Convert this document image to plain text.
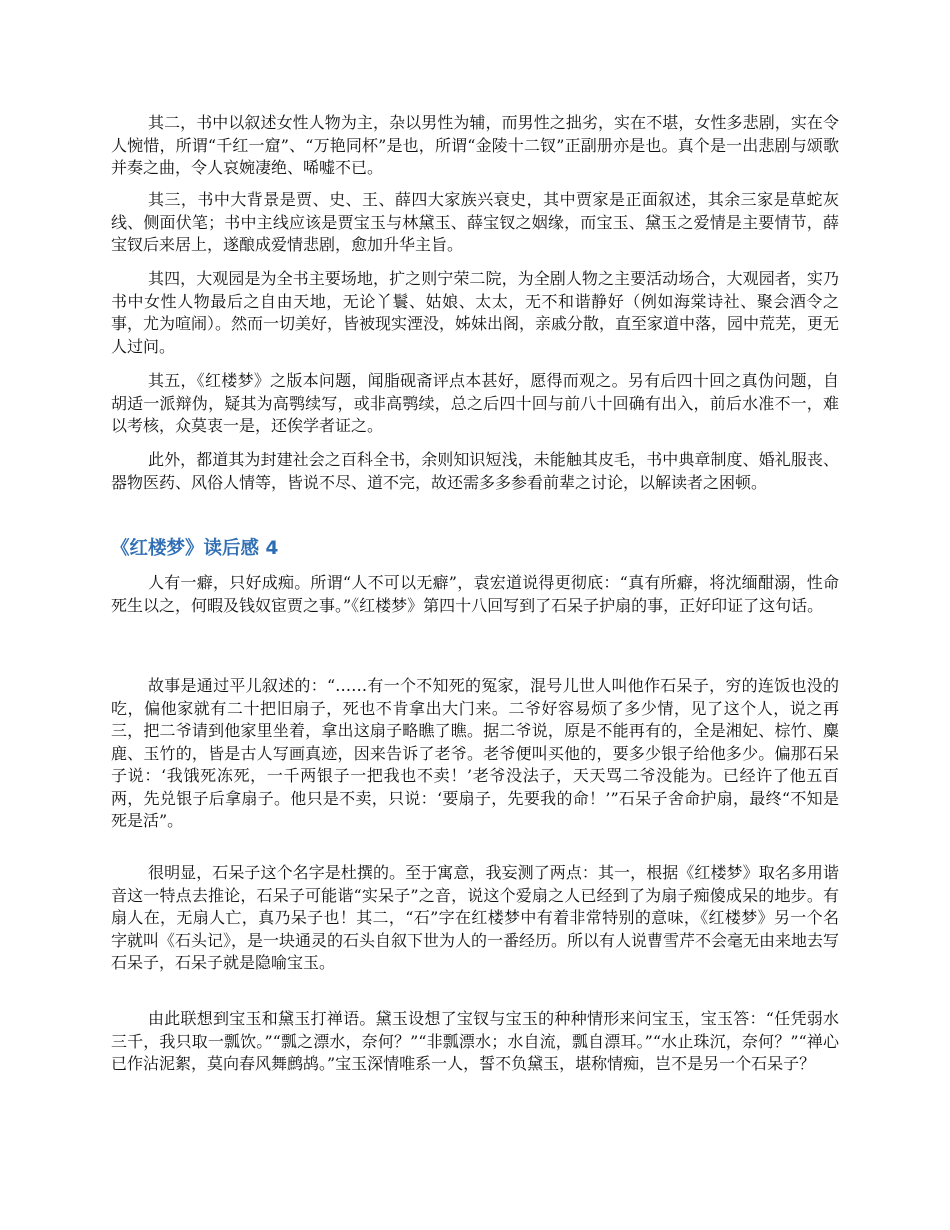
其二，书中以叙述女性人物为主，杂以男性为辅，而男性之拙劣，实在不堪，女性多悲剧，实在令人惋惜，所谓“千红一窟”、“万艳同杯”是也，所谓“金陵十二钗”正副册亦是也。真个是一出悲剧与颂歌并奏之曲，令人哀婉凄绝、唏嘘不已。

其三，书中大背景是贾、史、王、薛四大家族兴衰史，其中贾家是正面叙述，其余三家是草蛇灰线、侧面伏笔；书中主线应该是贾宝玉与林黛玉、薛宝钗之姻缘，而宝玉、黛玉之爱情是主要情节，薛宝钗后来居上，遂酿成爱情悲剧，愈加升华主旨。

其四，大观园是为全书主要场地，扩之则宁荣二院，为全剧人物之主要活动场合，大观园者，实乃书中女性人物最后之自由天地，无论丫鬟、姑娘、太太，无不和谐静好（例如海棠诗社、聚会酒令之事，尤为喧闹）。然而一切美好，皆被现实湮没，姊妹出阁，亲戚分散，直至家道中落，园中荒芜，更无人过问。

其五，《红楼梦》之版本问题，闻脂砚斋评点本甚好，愿得而观之。另有后四十回之真伪问题，自胡适一派辩伪，疑其为高鹗续写，或非高鹗续，总之后四十回与前八十回确有出入，前后水准不一，难以考核，众莫衷一是，还俟学者证之。

此外，都道其为封建社会之百科全书，余则知识短浅，未能触其皮毛，书中典章制度、婚礼服丧、器物医药、风俗人情等，皆说不尽、道不完，故还需多多参看前辈之讨论，以解读者之困顿。

《红楼梦》读后感 4

人有一癖，只好成痴。所谓“人不可以无癖”，袁宏道说得更彻底：“真有所癖，将沈缅酣溺，性命死生以之，何暇及钱奴宦贾之事。”《红楼梦》第四十八回写到了石呆子护扇的事，正好印证了这句话。

故事是通过平儿叙述的：“……有一个不知死的冤家，混号儿世人叫他作石呆子，穷的连饭也没的吃，偏他家就有二十把旧扇子，死也不肯拿出大门来。二爷好容易烦了多少情，见了这个人，说之再三，把二爷请到他家里坐着，拿出这扇子略瞧了瞧。据二爷说，原是不能再有的，全是湘妃、棕竹、麋鹿、玉竹的，皆是古人写画真迹，因来告诉了老爷。老爷便叫买他的，要多少银子给他多少。偏那石呆子说：‘我饿死冻死，一千两银子一把我也不卖！’老爷没法子，天天骂二爷没能为。已经许了他五百两，先兑银子后拿扇子。他只是不卖，只说：‘要扇子，先要我的命！’”石呆子舍命护扇，最终“不知是死是活”。

很明显，石呆子这个名字是杜撰的。至于寓意，我妄测了两点：其一，根据《红楼梦》取名多用谐音这一特点去推论，石呆子可能谐“实呆子”之音，说这个爱扇之人已经到了为扇子痴傻成呆的地步。有扇人在，无扇人亡，真乃呆子也！其二，“石”字在红楼梦中有着非常特别的意味，《红楼梦》另一个名字就叫《石头记》，是一块通灵的石头自叙下世为人的一番经历。所以有人说曹雪芹不会毫无由来地去写石呆子，石呆子就是隐喻宝玉。

由此联想到宝玉和黛玉打禅语。黛玉设想了宝钗与宝玉的种种情形来问宝玉，宝玉答：“任凭弱水三千，我只取一瓢饮。”“瓢之漂水，奈何？”“非瓢漂水；水自流，瓢自漂耳。”“水止珠沉，奈何？”“禅心已作沾泥絮，莫向春风舞鹧鸪。”宝玉深情唯系一人，誓不负黛玉，堪称情痴，岂不是另一个石呆子？
